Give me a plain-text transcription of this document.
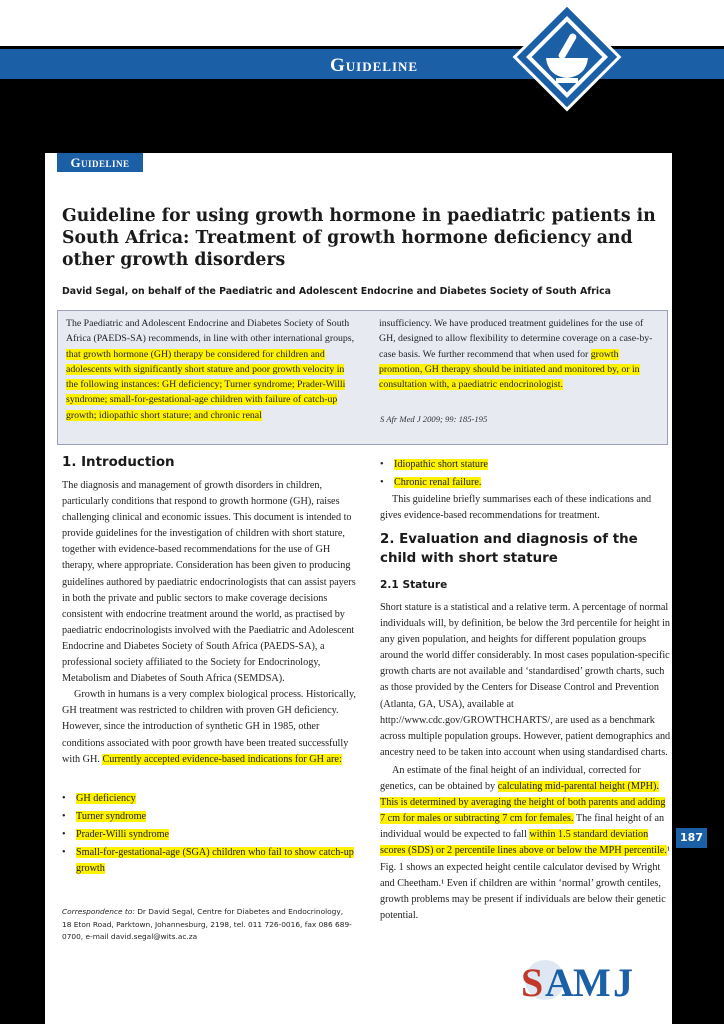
Guideline
Guideline
Guideline for using growth hormone in paediatric patients in South Africa: Treatment of growth hormone deficiency and other growth disorders
David Segal, on behalf of the Paediatric and Adolescent Endocrine and Diabetes Society of South Africa
The Paediatric and Adolescent Endocrine and Diabetes Society of South Africa (PAEDS-SA) recommends, in line with other international groups, that growth hormone (GH) therapy be considered for children and adolescents with significantly short stature and poor growth velocity in the following instances: GH deficiency; Turner syndrome; Prader-Willi syndrome; small-for-gestational-age children with failure of catch-up growth; idiopathic short stature; and chronic renal
insufficiency. We have produced treatment guidelines for the use of GH, designed to allow flexibility to determine coverage on a case-by-case basis. We further recommend that when used for growth promotion, GH therapy should be initiated and monitored by, or in consultation with, a paediatric endocrinologist.
S Afr Med J 2009; 99: 185-195
1. Introduction

The diagnosis and management of growth disorders in children, particularly conditions that respond to growth hormone (GH), raises challenging clinical and economic issues. This document is intended to provide guidelines for the investigation of children with short stature, together with evidence-based recommendations for the use of GH therapy, where appropriate. Consideration has been given to producing guidelines authored by paediatric endocrinologists that can assist payers in both the private and public sectors to make coverage decisions consistent with endocrine treatment around the world, as practised by paediatric endocrinologists involved with the Paediatric and Adolescent Endocrine and Diabetes Society of South Africa (PAEDS-SA), a professional society affiliated to the Society for Endocrinology, Metabolism and Diabetes of South Africa (SEMDSA).

Growth in humans is a very complex biological process. Historically, GH treatment was restricted to children with proven GH deficiency. However, since the introduction of synthetic GH in 1985, other conditions associated with poor growth have been treated successfully with GH. Currently accepted evidence-based indications for GH are:

• GH deficiency
• Turner syndrome
• Prader-Willi syndrome
• Small-for-gestational-age (SGA) children who fail to show catch-up growth
Correspondence to: Dr David Segal, Centre for Diabetes and Endocrinology, 18 Eton Road, Parktown, Johannesburg, 2198, tel. 011 726-0016, fax 086 689-0700, e-mail david.segal@wits.ac.za
• Idiopathic short stature
• Chronic renal failure.

This guideline briefly summarises each of these indications and gives evidence-based recommendations for treatment.

2. Evaluation and diagnosis of the child with short stature
2.1 Stature

Short stature is a statistical and a relative term. A percentage of normal individuals will, by definition, be below the 3rd percentile for height in any given population, and heights for different population groups around the world differ considerably. In most cases population-specific growth charts are not available and ‘standardised’ growth charts, such as those provided by the Centers for Disease Control and Prevention (Atlanta, GA, USA), available at http://www.cdc.gov/GROWTHCHARTS/, are used as a benchmark across multiple population groups. However, patient demographics and ancestry need to be taken into account when using standardised charts.

An estimate of the final height of an individual, corrected for genetics, can be obtained by calculating mid-parental height (MPH). This is determined by averaging the height of both parents and adding 7 cm for males or subtracting 7 cm for females. The final height of an individual would be expected to fall within 1.5 standard deviation scores (SDS) or 2 percentile lines above or below the MPH percentile.¹ Fig. 1 shows an expected height centile calculator devised by Wright and Cheetham.¹ Even if children are within ‘normal’ growth centiles, growth problems may be present if individuals are below their genetic potential.

187
S A M J
